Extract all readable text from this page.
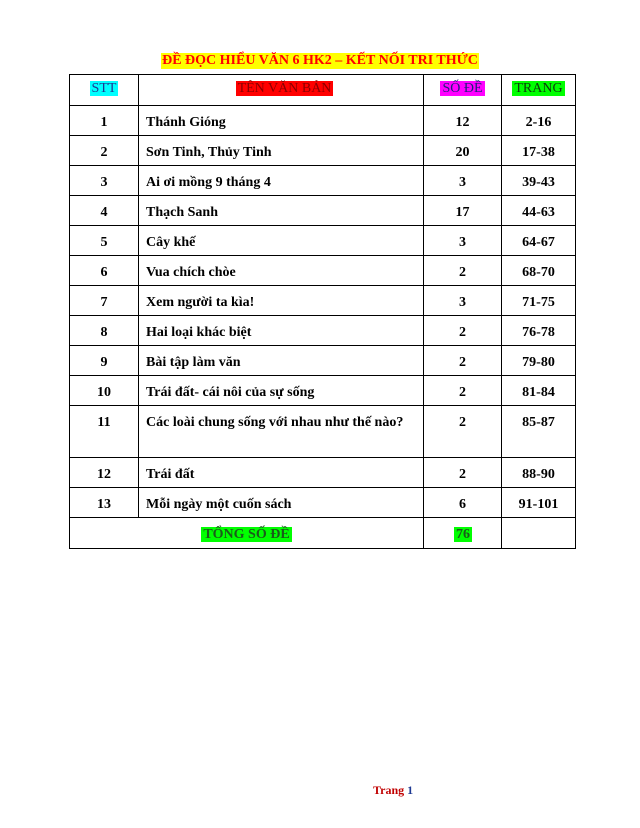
ĐỀ ĐỌC HIỂU VĂN 6 HK2 – KẾT NỐI TRI THỨC
STT	TÊN VĂN BẢN	SỐ ĐỀ	TRANG

1	Thánh Gióng	12	2-16

2	Sơn Tinh, Thủy Tinh	20	17-38

3	Ai ơi mồng 9 tháng 4	3	39-43

4	Thạch Sanh	17	44-63

5	Cây khế	3	64-67

6	Vua chích chòe	2	68-70

7	Xem người ta kìa!	3	71-75

8	Hai loại khác biệt	2	76-78

9	Bài tập làm văn	2	79-80

10	Trái đất- cái nôi của sự sống	2	81-84

11	Các loài chung sống với nhau như thế nào?	2	85-87

12	Trái đất	2	88-90

13	Mỗi ngày một cuốn sách	6	91-101

TỔNG SỐ ĐỀ		76	

Trang 1
